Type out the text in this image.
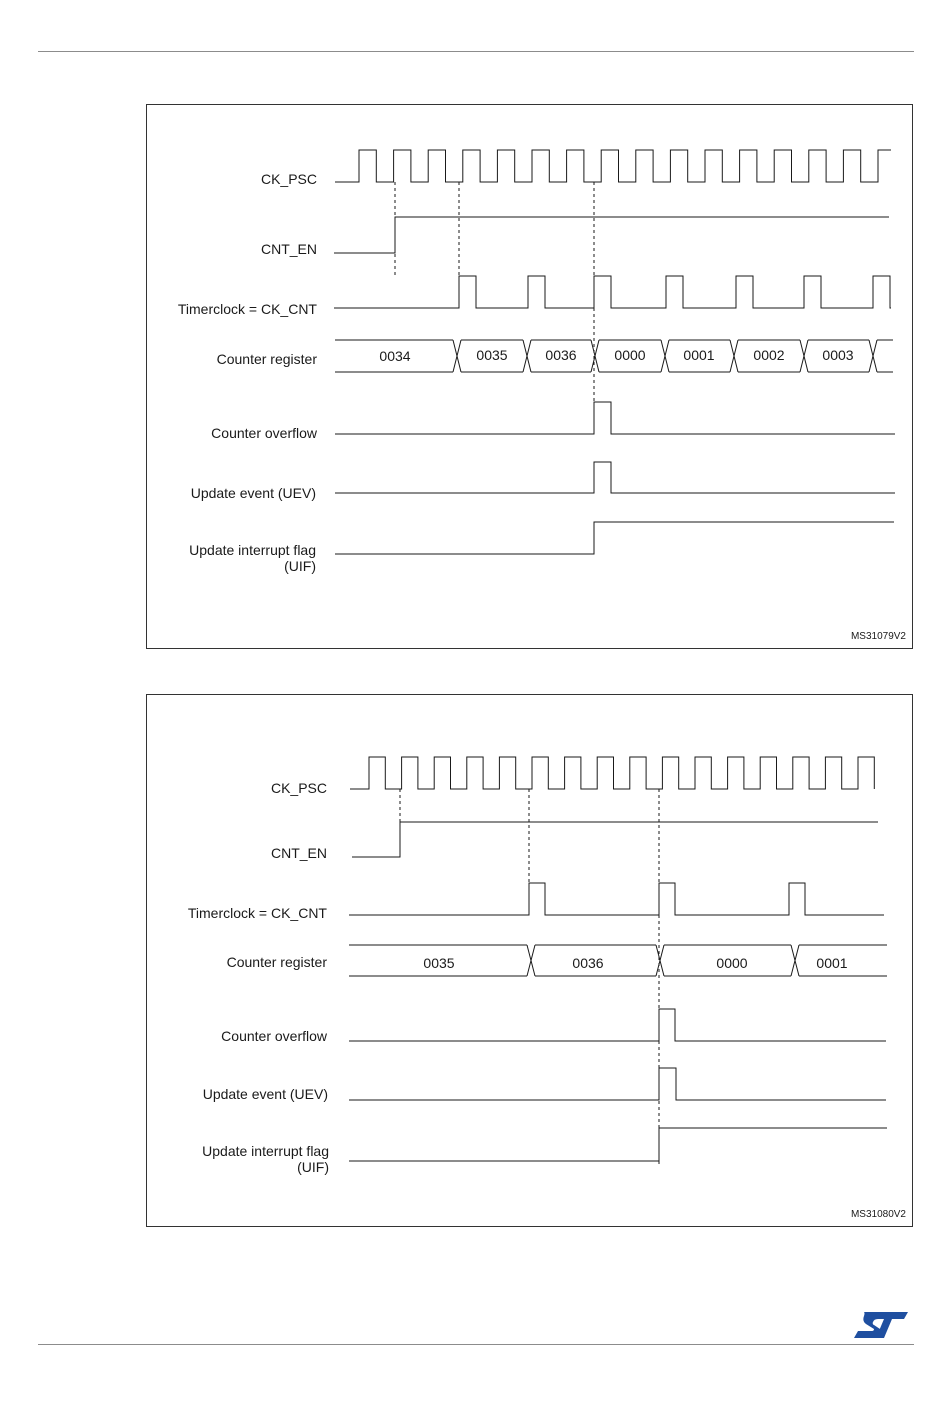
CK_PSC
CNT_EN
Timerclock = CK_CNT
Counter register
Counter overflow
Update event (UEV)
Update interrupt flag
(UIF)
0034	0035	0036	0000	0001	0002	0003
MS31079V2
CK_PSC
CNT_EN
Timerclock = CK_CNT
Counter register
Counter overflow
Update event (UEV)
Update interrupt flag
(UIF)
0035	0036	0000	0001
MS31080V2
